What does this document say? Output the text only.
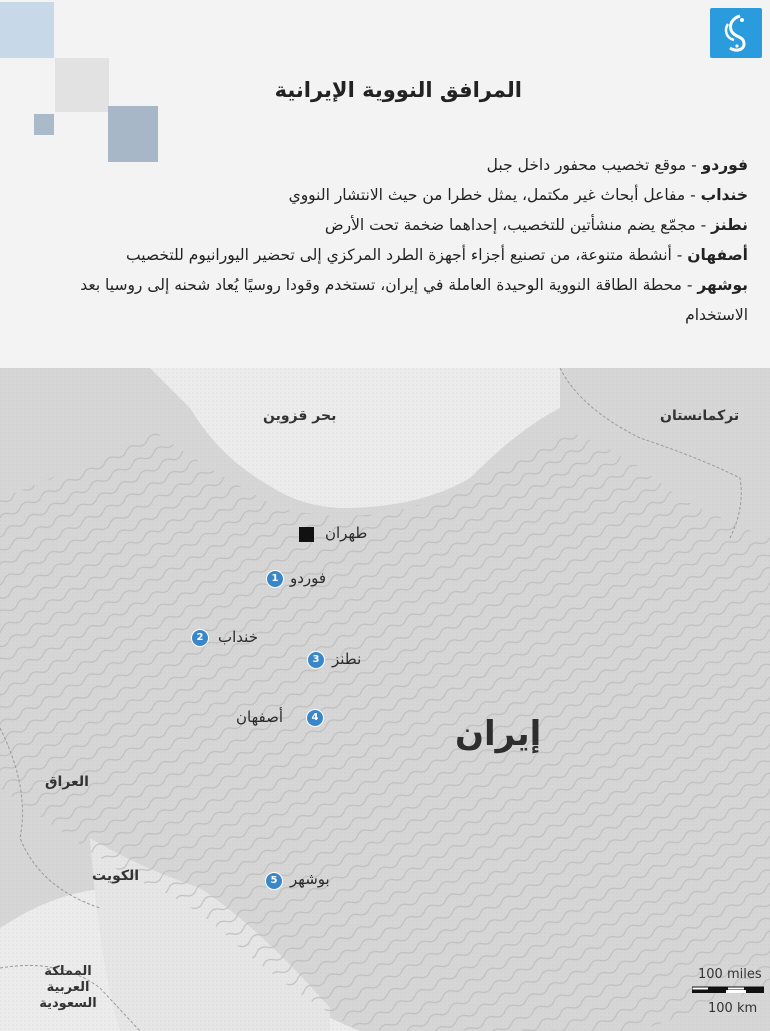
المرافق النووية الإيرانية
فوردو - موقع تخصيب محفور داخل جبل
خنداب - مفاعل أبحاث غير مكتمل، يمثل خطرا من حيث الانتشار النووي
نطنز - مجمّع يضم منشأتين للتخصيب، إحداهما ضخمة تحت الأرض
أصفهان - أنشطة متنوعة، من تصنيع أجزاء أجهزة الطرد المركزي إلى تحضير اليورانيوم للتخصيب
بوشهر - محطة الطاقة النووية الوحيدة العاملة في إيران، تستخدم وقودا روسيًا يُعاد شحنه إلى روسيا بعد الاستخدام
بحر قزوين	تركمانستان
العراق
الكويت
المملكة العربية السعودية
إيران
طهران
1 فوردو
2 خنداب
3 نطنز
4
أصفهان
5 بوشهر
100 miles
100 km
